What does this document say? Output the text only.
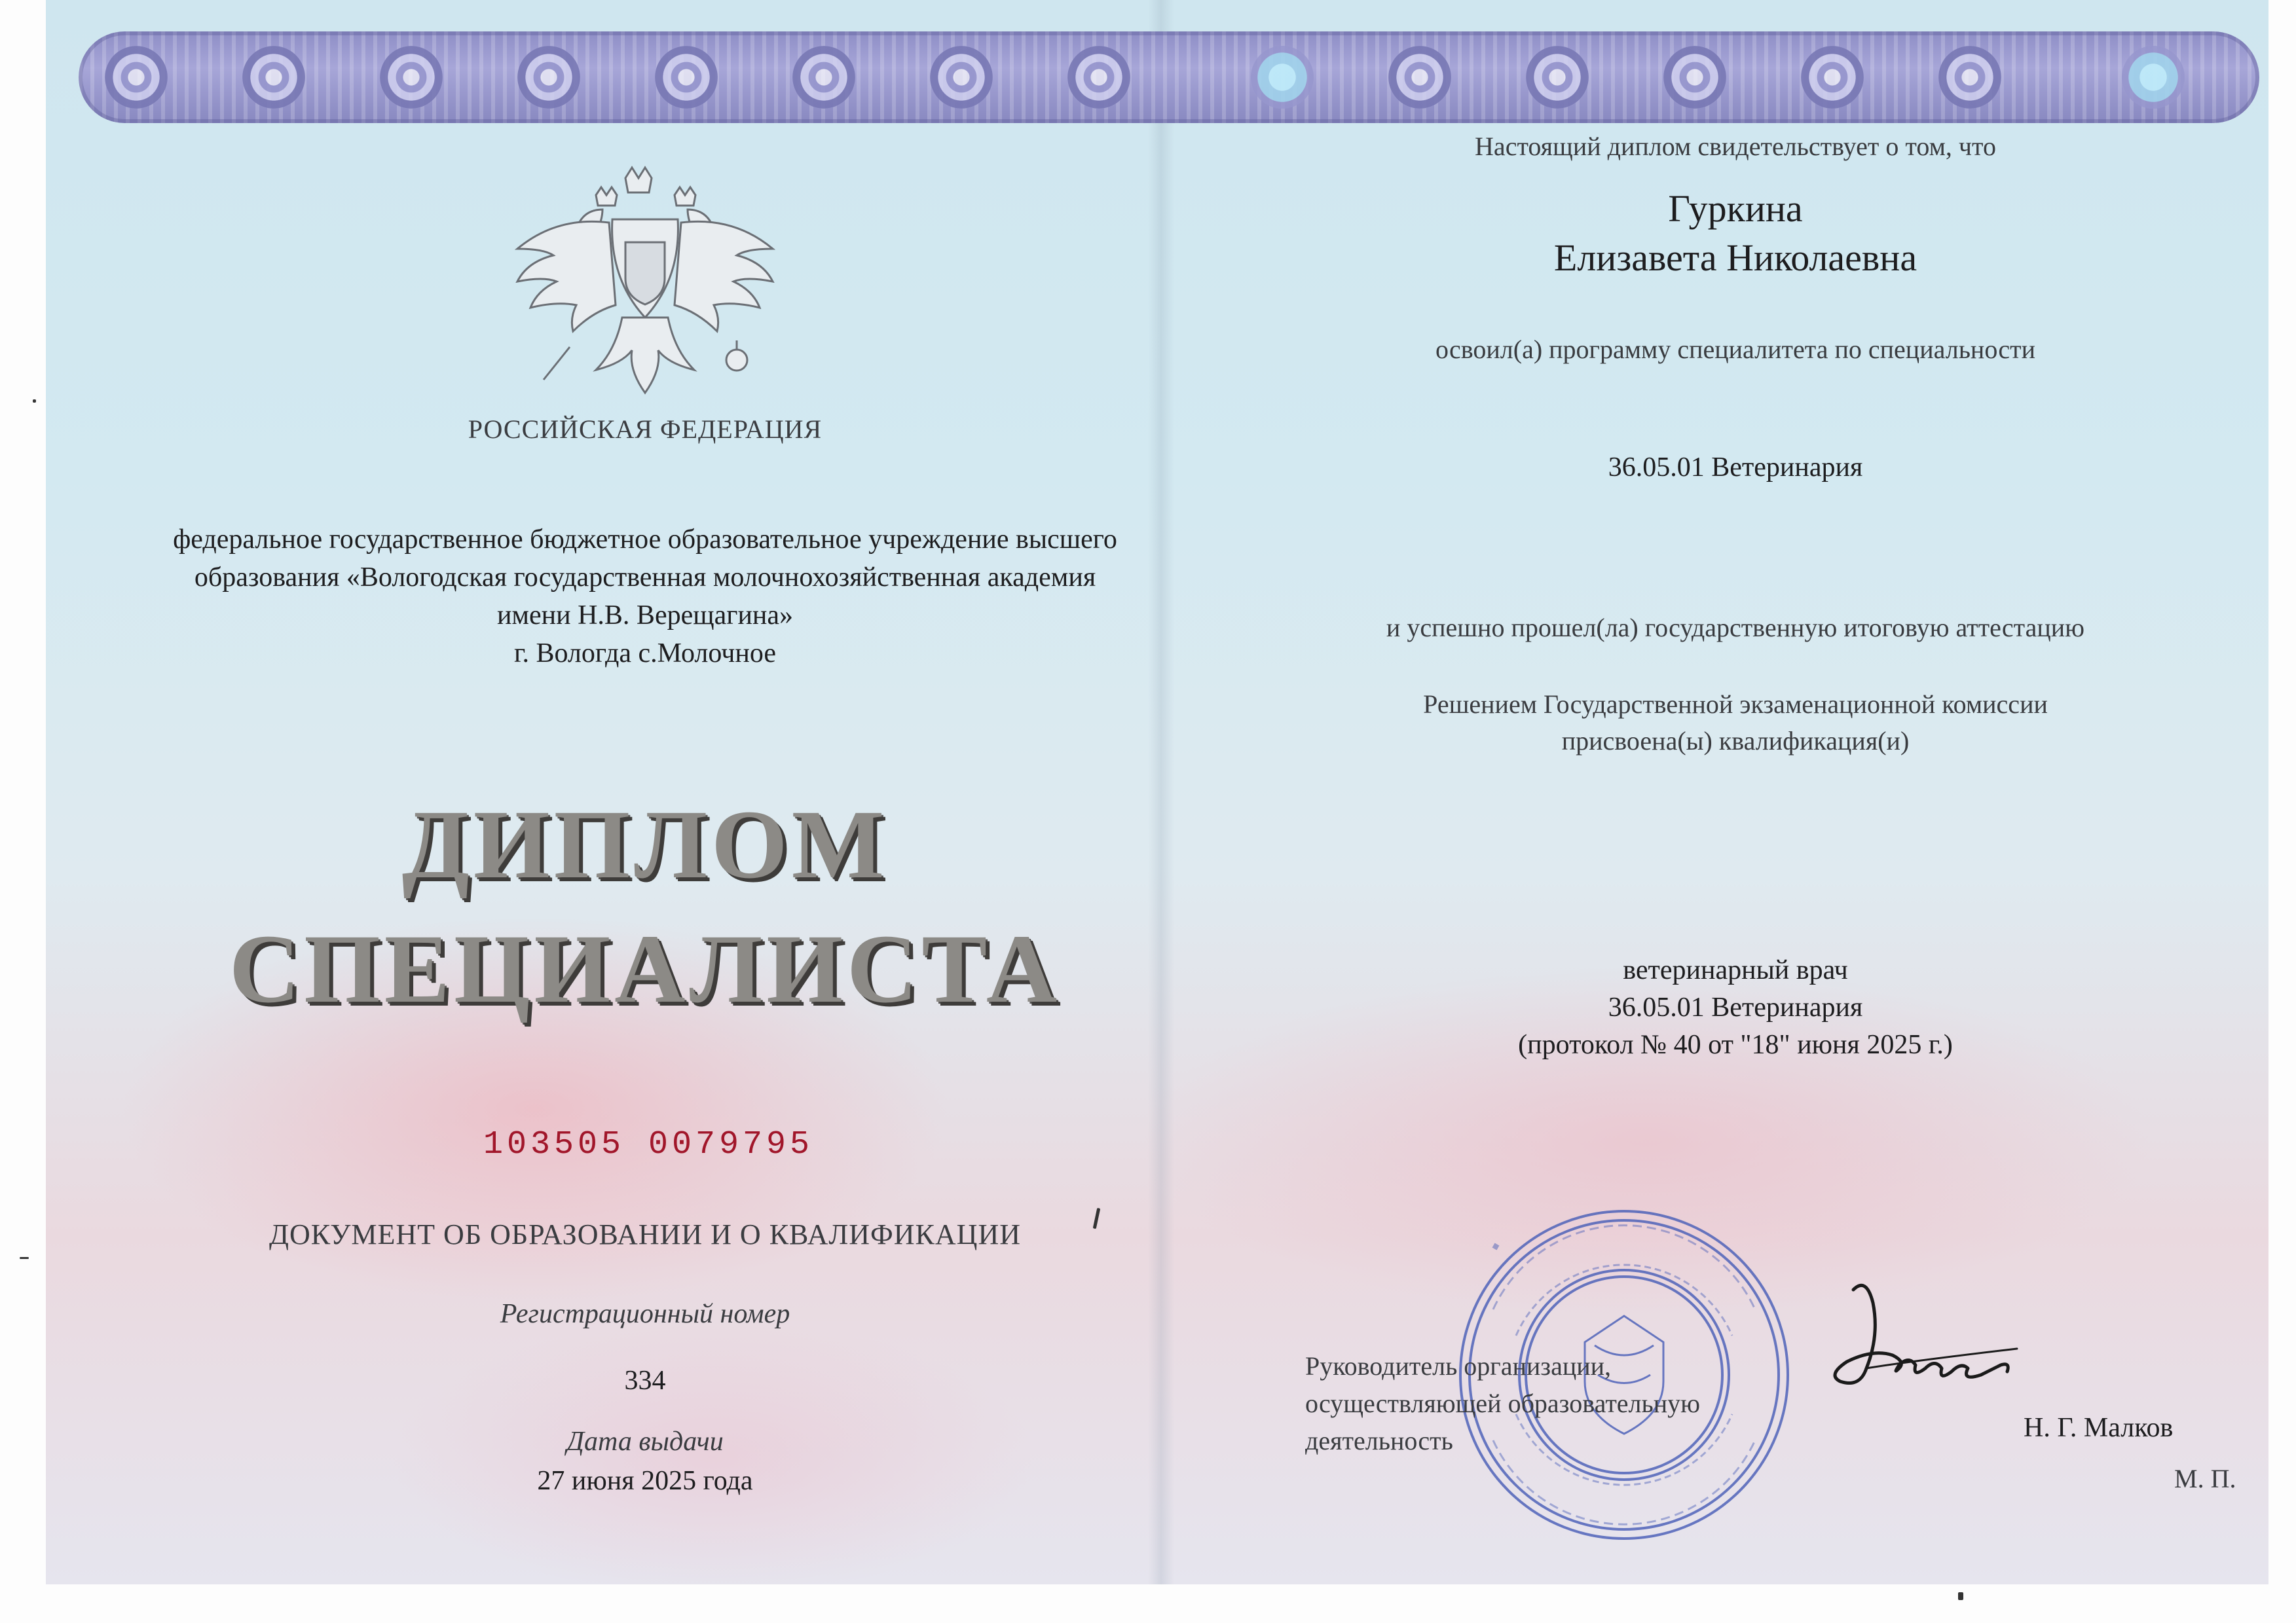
РОССИЙСКАЯ ФЕДЕРАЦИЯ

федеральное государственное бюджетное образовательное учреждение высшего

образования «Вологодская государственная молочнохозяйственная академия

имени Н.В. Верещагина»

г. Вологда с.Молочное

ДИПЛОМ
СПЕЦИАЛИСТА
103505 0079795

ДОКУМЕНТ ОБ ОБРАЗОВАНИИ И О КВАЛИФИКАЦИИ

Регистрационный номер

334

Дата выдачи

27 июня 2025 года

Настоящий диплом свидетельствует о том, что

Гуркина

Елизавета Николаевна

освоил(а) программу специалитета по специальности

36.05.01 Ветеринария

и успешно прошел(ла) государственную итоговую аттестацию

Решением Государственной экзаменационной комиссии

присвоена(ы) квалификация(и)

ветеринарный врач

36.05.01 Ветеринария

(протокол № 40 от "18" июня 2025 г.)

Руководитель организации,

осуществляющей образовательную

деятельность	Н. Г. Малков

М. П.
